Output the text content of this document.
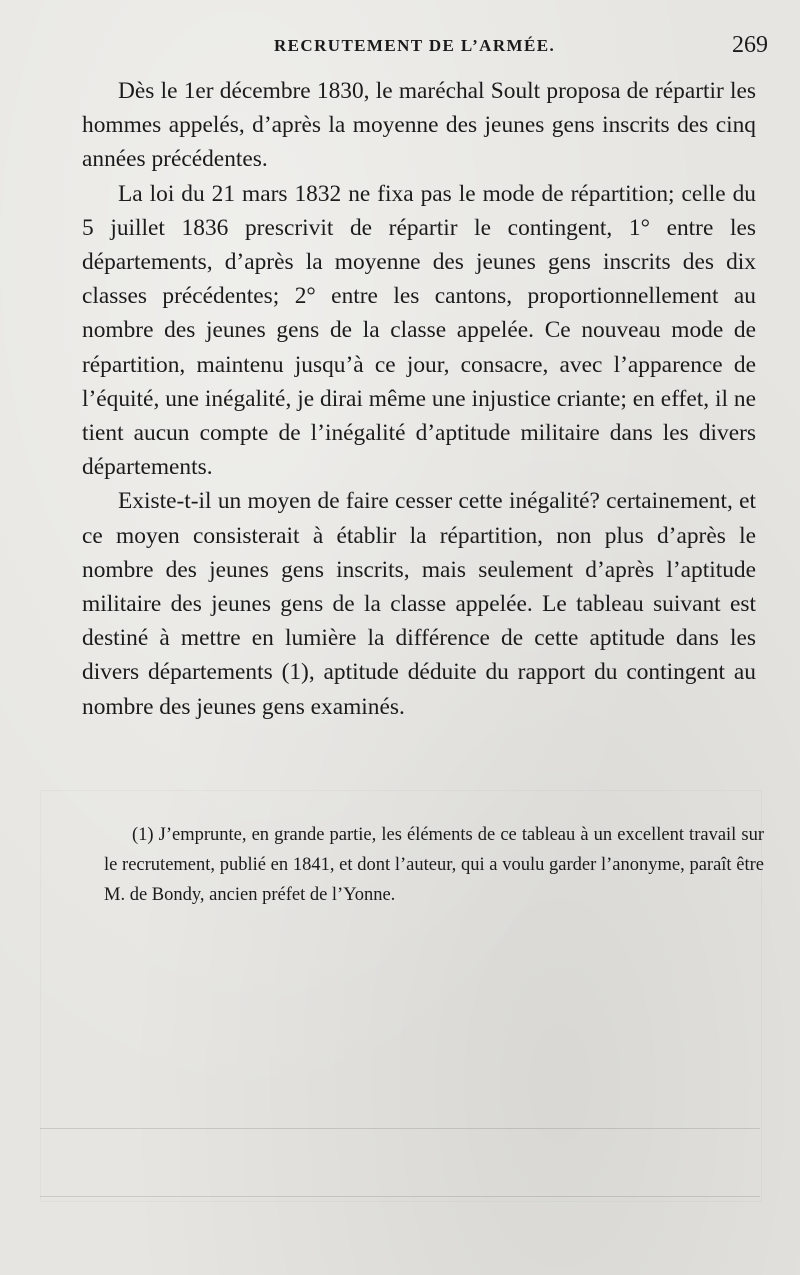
RECRUTEMENT DE L’ARMÉE.	269

Dès le 1er décembre 1830, le maréchal Soult proposa de répartir les hommes appelés, d’après la moyenne des jeunes gens inscrits des cinq années précédentes.

La loi du 21 mars 1832 ne fixa pas le mode de répartition; celle du 5 juillet 1836 prescrivit de répartir le contingent, 1° entre les départements, d’après la moyenne des jeunes gens inscrits des dix classes précédentes; 2° entre les cantons, proportionnellement au nombre des jeunes gens de la classe appelée. Ce nouveau mode de répartition, maintenu jusqu’à ce jour, consacre, avec l’apparence de l’équité, une inégalité, je dirai même une injustice criante; en effet, il ne tient aucun compte de l’inégalité d’aptitude militaire dans les divers départements.

Existe-t-il un moyen de faire cesser cette inégalité? certainement, et ce moyen consisterait à établir la répartition, non plus d’après le nombre des jeunes gens inscrits, mais seulement d’après l’aptitude militaire des jeunes gens de la classe appelée. Le tableau suivant est destiné à mettre en lumière la différence de cette aptitude dans les divers départements (1), aptitude déduite du rapport du contingent au nombre des jeunes gens examinés.

(1) J’emprunte, en grande partie, les éléments de ce tableau à un excellent travail sur le recrutement, publié en 1841, et dont l’auteur, qui a voulu garder l’anonyme, paraît être M. de Bondy, ancien préfet de l’Yonne.
